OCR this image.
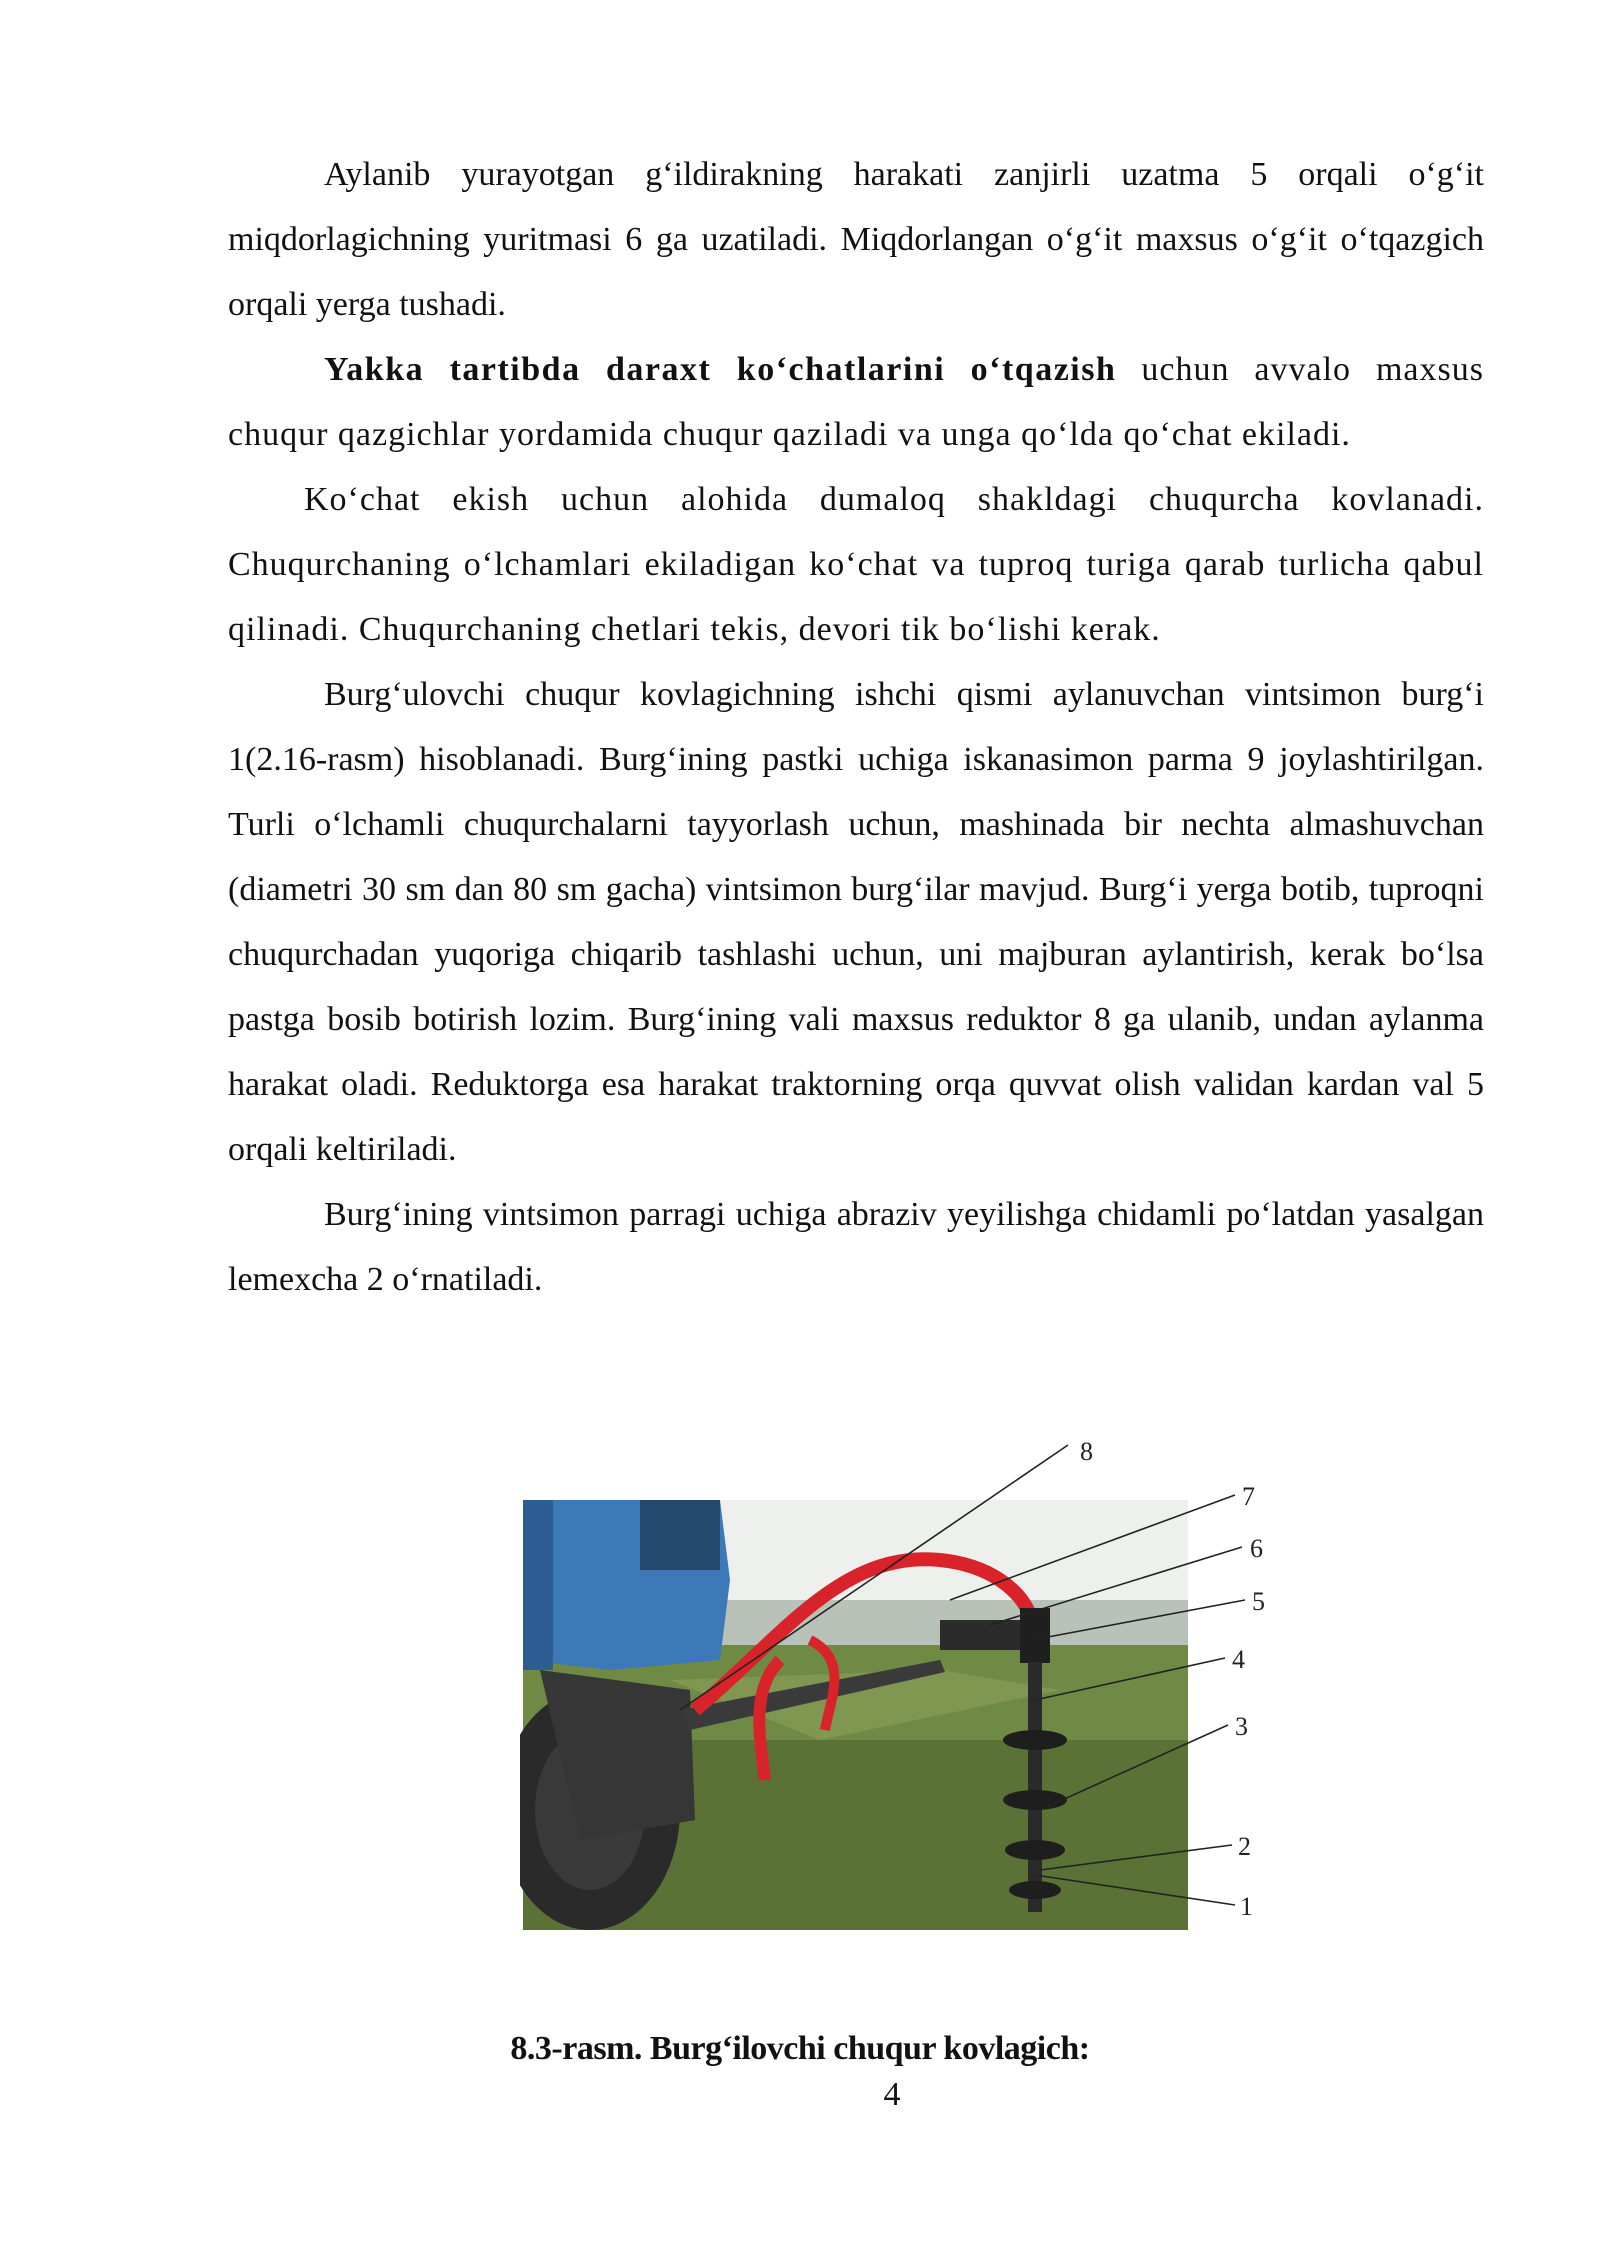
Aylanib yurayotgan g‘ildirakning harakati zanjirli uzatma 5 orqali o‘g‘it miqdorlagichning yuritmasi 6 ga uzatiladi. Miqdorlangan o‘g‘it maxsus o‘g‘it o‘tqazgich orqali yerga tushadi.

Yakka tartibda daraxt ko‘chatlarini o‘tqazish uchun avvalo maxsus chuqur qazgichlar yordamida chuqur qaziladi va unga qo‘lda qo‘chat ekiladi.

Ko‘chat ekish uchun alohida dumaloq shakldagi chuqurcha kovlanadi. Chuqurchaning o‘lchamlari ekiladigan ko‘chat va tuproq turiga qarab turlicha qabul qilinadi. Chuqurchaning chetlari tekis, devori tik bo‘lishi kerak.

Burg‘ulovchi chuqur kovlagichning ishchi qismi aylanuvchan vintsimon burg‘i 1(2.16-rasm) hisoblanadi. Burg‘ining pastki uchiga iskanasimon parma 9 joylashtirilgan. Turli o‘lchamli chuqurchalarni tayyorlash uchun, mashinada bir nechta almashuvchan (diametri 30 sm dan 80 sm gacha) vintsimon burg‘ilar mavjud. Burg‘i yerga botib, tuproqni chuqurchadan yuqoriga chiqarib tashlashi uchun, uni majburan aylantirish, kerak bo‘lsa pastga bosib botirish lozim. Burg‘ining vali maxsus reduktor 8 ga ulanib, undan aylanma harakat oladi. Reduktorga esa harakat traktorning orqa quvvat olish validan kardan val 5 orqali keltiriladi.

Burg‘ining vintsimon parragi uchiga abraziv yeyilishga chidamli po‘latdan yasalgan lemexcha 2 o‘rnatiladi.

8
7
6
5
4
3
2
1
8.3-rasm. Burg‘ilovchi chuqur kovlagich:
4
